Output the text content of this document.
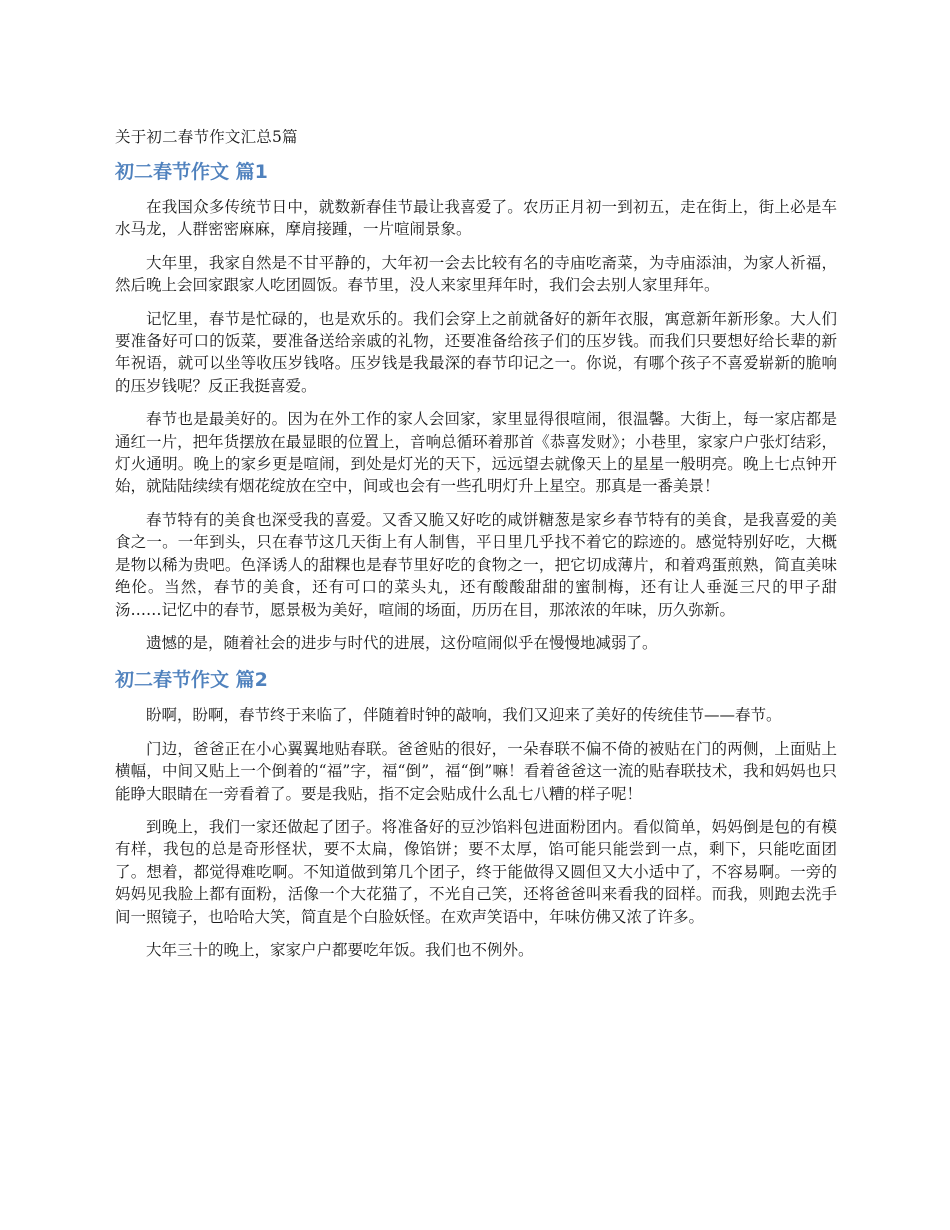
关于初二春节作文汇总5篇
初二春节作文 篇1

在我国众多传统节日中，就数新春佳节最让我喜爱了。农历正月初一到初五，走在街上，街上必是车水马龙，人群密密麻麻，摩肩接踵，一片喧闹景象。

大年里，我家自然是不甘平静的，大年初一会去比较有名的寺庙吃斋菜，为寺庙添油，为家人祈福，然后晚上会回家跟家人吃团圆饭。春节里，没人来家里拜年时，我们会去别人家里拜年。

记忆里，春节是忙碌的，也是欢乐的。我们会穿上之前就备好的新年衣服，寓意新年新形象。大人们要准备好可口的饭菜，要准备送给亲戚的礼物，还要准备给孩子们的压岁钱。而我们只要想好给长辈的新年祝语，就可以坐等收压岁钱咯。压岁钱是我最深的春节印记之一。你说，有哪个孩子不喜爱崭新的脆响的压岁钱呢？反正我挺喜爱。

春节也是最美好的。因为在外工作的家人会回家，家里显得很喧闹，很温馨。大街上，每一家店都是通红一片，把年货摆放在最显眼的位置上，音响总循环着那首《恭喜发财》；小巷里，家家户户张灯结彩，灯火通明。晚上的家乡更是喧闹，到处是灯光的天下，远远望去就像天上的星星一般明亮。晚上七点钟开始，就陆陆续续有烟花绽放在空中，间或也会有一些孔明灯升上星空。那真是一番美景！

春节特有的美食也深受我的喜爱。又香又脆又好吃的咸饼糖葱是家乡春节特有的美食，是我喜爱的美食之一。一年到头，只在春节这几天街上有人制售，平日里几乎找不着它的踪迹的。感觉特别好吃，大概是物以稀为贵吧。色泽诱人的甜粿也是春节里好吃的食物之一，把它切成薄片，和着鸡蛋煎熟，简直美味绝伦。当然，春节的美食，还有可口的菜头丸，还有酸酸甜甜的蜜制梅，还有让人垂涎三尺的甲子甜汤……记忆中的春节，愿景极为美好，喧闹的场面，历历在目，那浓浓的年味，历久弥新。

遗憾的是，随着社会的进步与时代的进展，这份喧闹似乎在慢慢地减弱了。

初二春节作文 篇2

盼啊，盼啊，春节终于来临了，伴随着时钟的敲响，我们又迎来了美好的传统佳节——春节。

门边，爸爸正在小心翼翼地贴春联。爸爸贴的很好，一朵春联不偏不倚的被贴在门的两侧，上面贴上横幅，中间又贴上一个倒着的“福”字，福“倒”，福“倒”嘛！看着爸爸这一流的贴春联技术，我和妈妈也只能睁大眼睛在一旁看着了。要是我贴，指不定会贴成什么乱七八糟的样子呢！

到晚上，我们一家还做起了团子。将准备好的豆沙馅料包进面粉团内。看似简单，妈妈倒是包的有模有样，我包的总是奇形怪状，要不太扁，像馅饼；要不太厚，馅可能只能尝到一点，剩下，只能吃面团了。想着，都觉得难吃啊。不知道做到第几个团子，终于能做得又圆但又大小适中了，不容易啊。一旁的妈妈见我脸上都有面粉，活像一个大花猫了，不光自己笑，还将爸爸叫来看我的囧样。而我，则跑去洗手间一照镜子，也哈哈大笑，简直是个白脸妖怪。在欢声笑语中，年味仿佛又浓了许多。

大年三十的晚上，家家户户都要吃年饭。我们也不例外。
